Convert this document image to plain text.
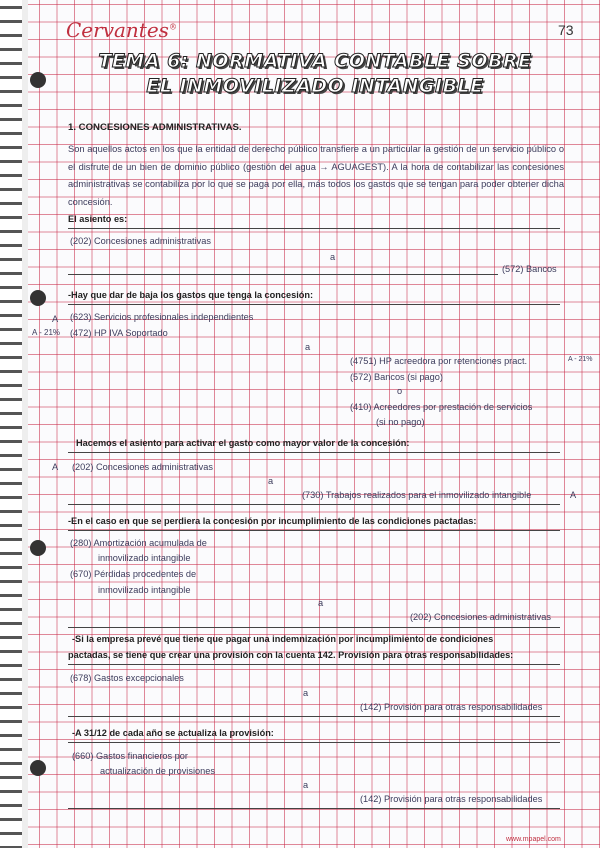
Cervantes®	73
TEMA 6: NORMATIVA CONTABLE SOBRE
EL INMOVILIZADO INTANGIBLE
1. CONCESIONES ADMINISTRATIVAS.
Son aquellos actos en los que la entidad de derecho público transfiere a un particular la gestión de un servicio público o el disfrute de un bien de dominio público (gestión del agua → AGUAGEST). A la hora de contabilizar las concesiones administrativas se contabiliza por lo que se paga por ella, más todos los gastos que se tengan para poder obtener dicha concesión.
El asiento es:
(202) Concesiones administrativas
a
(572) Bancos
-Hay que dar de baja los gastos que tenga la concesión:
A
A - 21%
(623) Servicios profesionales independientes
(472) HP IVA Soportado
a
(4751) HP acreedora por retenciones pract.	A - 21%
(572) Bancos (si pago)
o
(410) Acreedores por prestación de servicios
(si no pago)
Hacemos el asiento para activar el gasto como mayor valor de la concesión:
A (202) Concesiones administrativas
a
(730) Trabajos realizados para el inmovilizado intangible	A
-En el caso en que se perdiera la concesión por incumplimiento de las condiciones pactadas:
(280) Amortización acumulada de
inmovilizado intangible
(670) Pérdidas procedentes de
inmovilizado intangible
a
(202) Concesiones administrativas
-Si la empresa prevé que tiene que pagar una indemnización por incumplimiento de condiciones
pactadas, se tiene que crear una provisión con la cuenta 142. Provisión para otras responsabilidades:
(678) Gastos excepcionales
a
(142) Provisión para otras responsabilidades
-A 31/12 de cada año se actualiza la provisión:
(660) Gastos financieros por
actualización de provisiones
a
(142) Provisión para otras responsabilidades
www.mpapel.com
